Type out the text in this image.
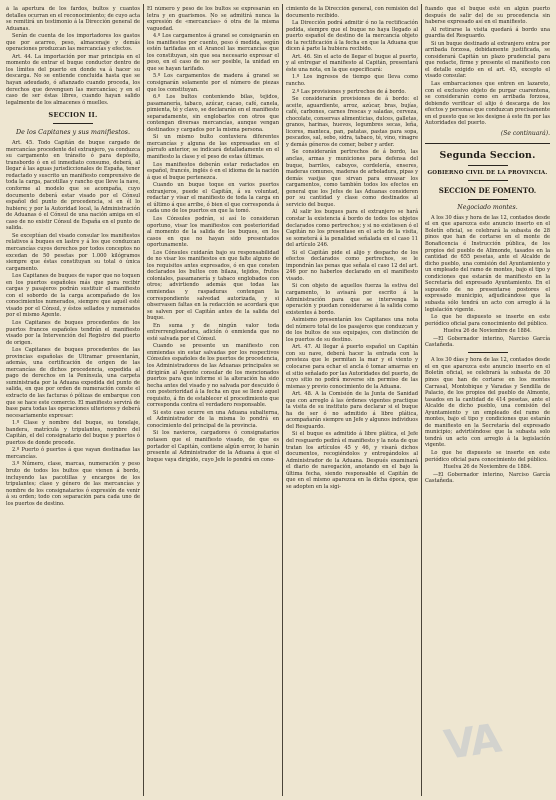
á la apertura de los fardos, bultos y cuantos detalles ocurran en el reconocimiento; de cuyo acta se remitirá un testimonio á la Dirección general de Aduanas.

Serán de cuenta de los importadores los gastos que por acarreo, peso, almacenaje y demás operaciones produzcan las mercancías y efectos.

Art. 44. La importación por mar principia en el momento de entrar el buque conductor dentro de los límites del puerto en donde va á hacer su descarga. No se entiende concluida hasta que se hayan adeudado, ó afianzado cuando proceda, los derechos que devenguen las mercancías; y en el caso de ser éstas libres, cuando hayan salido legalmente de los almacenes ó muelles.

SECCION II.
De los Capitanes y sus manifiestos.

Art. 45. Todo Capitán de buque cargado de mercancías procedente del extranjero, ya conduzca su cargamento en tránsito ó para depósito, transbordo ó en el inmediato consumo, deberá, al llegar á las aguas jurisdiccionales de España, tener redactado y suscrito un manifiesto comprensivo de toda la carga, pacotillas y rancho que lleve la nave, conforme al modelo que se acompaña, cuyo documento deberá estar visado por el Cónsul español del punto de procedencia, si en él lo hubiere; y por la Autoridad local, la Administración de Aduanas ó el Cónsul de una nación amiga en el caso de no existir Cónsul de España en el punto de salida.

Se exceptúan del visado consular los manifiestos relativos á buques en lastre y á los que conduzcan mercancías cuyos derechos por todos conceptos no excedan de 50 pesetas por 1.000 kilógramos siempre que éstas constituyan su total ó única cargamento.

Los Capitanes de buques de vapor que no toquen en los puertos españoles más que para recibir cargas y pasajeros podrán sustituir el manifiesto con el sobordo de la carga acompañado de los conocimientos numerados, siempre que aquél esté visado por el Cónsul, y éstos sellados y numerados por el mismo Agente.

Los Capitanes de buques procedentes de los puertos francos españoles tendrán el manifiesto visado por la Intervención del Registro del puerto de origen.

Los Capitanes de buques procedentes de las provincias españolas de Ultramar presentarán, además, una certificación de origen de las mercancías de dichos procedencia, expedida al pago de derechos en la Península, una carpeta suministrada por la Aduana expedida del punto de salida, en que por orden de numeración conste el extracto de las facturas ó pólizas de embarque con que se hace este comercio. El manifiesto servirá de base para todas las operaciones ulteriores y deberá necesariamente expresar:

1.º Clase y nombre del buque, su tonelaje, bandera, matrícula y tripulantes, nombre del Capitán, el del consignatario del buque y puertos ó puertos de donde procede.

2.º Puerto ó puertos á que vayan destinadas las mercancías.

3.º Número, clase, marcas, numeración y peso bruto de todos los bultos que vienen á bordo, incluyendo las pacotillas y encargos de los tripulantes; clase y género de las mercancías y nombre de los consignatarios ó expresión de venir á su orden; todo con separación para cada uno de los puertos de destino.

El número y peso de los bultos se expresarán en letra y en guarismos. No se admitirá nunca la expresión de «mercancías» ó otra de la misma vaguedad.

4.º Los cargamentos á granel se consignarán en los manifiestos por cuento, peso ó medida, según estén tarifadas en el Arancel las mercancías que los constituyan, sin que sea necesario expresar el peso, en el caso de no ser posible, la unidad en que se hayan tarifado.

5.º Los cargamentos de madera á granel se consignarán solamente por el número de piezas que los constituyan.

6.º Los bultos conteniendo bilas, tejidos, pasamanería, tabaco, azúcar, cacao, café, canela, pimienta, té y clavo, se declararán en el manifiesto separadamente, sin englobarlos con otros que contengan diversas mercancías, aunque vengan destinados y cargados por la misma persona.

Si un mismo bulto contuviera diferentes mercancías y alguna de las expresadas en el párrafo anterior, se indicará detalladamente en el manifiesto la clase y el peso de estas últimas.

Los manifiestos deberán estar redactados en español, francés, inglés ó en el idioma de la nación á que el buque pertenezca.

Cuando un buque toque en varios puertos extranjeros, puede el Capitán, á su voluntad, redactar y visar el manifiesto de toda la carga en el último á que arribe, ó bien el que corresponda á cada uno de los puertos en que la tomó.

Los Cónsules podrán, si así lo consideran oportuno, visar los manifiestos con posterioridad al momento de la salida de los buques, en los casos en que no hayan sido presentados oportunamente.

Los Cónsules cuidarán bajo su responsabilidad de no visar los manifiestos en que falte alguno de los requisitos antes expresados, ó en que consten declarados los bultos con bilaza, tejidos, frutos coloniales, pasamanería y tabaco englobados con otros; advirtiendo además que todas las enmiendas y raspaduras contengan la correspondiente salvedad autorizada, y si observasen faltas en la redacción se acordará que se salven por el Capitán antes de la salida del buque.

En suma y de ningún valor toda entrerrenglonadura, adición ó enmienda que no esté salvada por el Cónsul.

Cuando se presente un manifiesto con enmiendas sin estar salvadas por los respectivos Cónsules españoles de los puertos de procedencia, los Administradores de las Aduanas principales se dirigirán al Agente consular de los mencionados puertos para que informe si la alteración ha sido hecha antes del visado y no salvada por descuido ó con posterioridad á la fecha en que se llenó aquel requisito, á fin de establecer el procedimiento que corresponda contra el verdadero responsable.

Si esto caso ocurre en una Aduana subalterna, el Administrador de la misma lo pondrá en conocimiento del principal de la provincia.

Si los navieros, cargadores ó consignatarios notasen que el manifiesto visado, de que es portador el Capitán, contiene algún error, lo harán presente al Administrador de la Aduana á que el buque vaya dirigido, cuyo Jefe lo pondrá en cono-

cimiento de la Dirección general, con remisión del documento recibido.

La Dirección podrá admitir ó no la rectificación pedida, siempre que el buque no haya llegado al puerto español de destino de la mercancía objeto de la rectificación á la fecha en que la Aduana que dicen á parte la hubiera recibido.

Art. 46. Sin el acto de llegar el buque al puerto, y al entregar el manifiesto al Capitán, presentará éste una nota, en la que especificará:

1.º Los ingresos de tiempo que lleva como rancho.

2.º Las provisiones y pertrechos de á bordo.

Se considerarán provisiones de á bordo: el aceite, aguardiente, arroz, azúcar, bras, bujías, café, carbones, carnes frescas y saladas, cerveza, chocolate, conservas alimenticias, dulces, galletas, granos, harinas, huevos, legumbres secas, leña, licores, manteca, pan, patatas, pastas para sopa, pescados, sal, sebo, sidra, tabaco, té, vino, vinagre y demás géneros de comer, beber y arder.

Se considerarán pertrechos de á bordo, las anclas, armas y municiones para defensa del buque, barriles, cabuyos, cordelería, enseres, maderas comunes, maderas de arboladura, pipas y demás vasijas que sirvan para envasar los cargamentos, como también todos los efectos en general que los Jefes de las Aduanas consideren por su cantidad y clase como destinados al servicio del buque.

Al salir los buques para el extranjero se hará constar la existencia á bordo de todos los objetos declarados como pertrechos; y si no existiesen ó el Capitán no los presentase en el acto de la visita, se someterá á la penalidad señalada en el caso 11 del artículo 246.

Si el Capitán pide el alijo y despacho de los efectos declarados como pertrechos, se le impondrán las penas que señala el caso 12 del art. 246 por no haberlos declarado en el manifiesto visado.

Si con objeto de aquellos fuerza la estiva del cargamento, lo avisará por escrito á la Administración para que se intervenga la operación y puedan considerarse á la salida como existentes á bordo.

Asimismo presentarán los Capitanes una nota del número total de los pasajeros que conduzcan y de los bultos de sus equipajes, con distinción de los puertos de su destino.

Art. 47. Al llegar á puerto español un Capitán con su nave, deberá hacer la entrada con la presteza que le permitan la mar y el viento y colocarse para echar el ancla ó tomar amarras en el sitio señalado por las Autoridades del puerto, de cuyo sitio no podrá moverse sin permiso de las mismas y previo conocimiento de la Aduana.

Art. 48. A la Comisión de la Junta de Sanidad que con arreglo á las órdenes vigentes practique la visita de su instituto para declarar si el buque ha de ser ó no admitido á libre plática, acompañarán siempre un Jefe y algunos individuos del Resguardo.

Si el buque es admitido á libre plática, el Jefe del resguardo pedirá el manifiesto y la nota de que tratan los artículos 45 y 46, y visará dichos documentos, recogiéndolos y entregándolos al Administrador de la Aduana. Después examinará el diario de navegación, anotando en el bajo la última fecha, siendo responsable el Capitán de que en el mismo aparezca en la dicha época, que se adopten en la sigi-

fuando que el buque esté en algún puerto después de salir del de su procedencia sin haberse expresado así en el manifiesto.

Al retirarse la visita quedará á bordo una guardia del Resguardo.

Si un buque destinado al extranjero entra por arribada forzosa, debidamente justificada, se considerará Capitán un plazo prudencial para que redacte, firme y presente el manifiesto con el detalle exigido en el art. 45, excepto el visado consular.

Las embarcaciones que entren en lazareto, con el exclusivo objeto de purgar cuarentena, se considerarán como en arribada forzosa, debiendo verificar el alijo ó descarga de los efectos y personas que conduzcan precisamente en el puesto que se les designe á este fin por las Autoridades del puerto.

(Se continuará).
Segunda Seccion.
GOBIERNO CIVIL DE LA PROVINCIA.
SECCION DE FOMENTO.
Negociado montes.

A los 30 días y hora de las 12, contados desde el en que aparezca este anuncio inserto en el Boletín oficial, se celebrará la subasta de 28 pinos que han de cortarse en el monte de Bonaficencia é Instrucción pública, de los propios del pueblo de Alimonde, tasados en la cantidad de 655 pesetas, ante el Alcalde de dicho pueblo, una comisión del Ayuntamiento y un empleado del ramo de montes, bajo el tipo y condiciones que estarán de manifiesto en la Secretaría del expresado Ayuntamiento. En el supuesto de no presentarse postores el expresado municipio, adjudicándose que la subasta sólo tendrá un acto con arreglo á la legislación vigente.

Lo que he dispuesto se inserte en este periódico oficial para conocimiento del público.

Huelva 26 de Noviembre de 1884.
—El Gobernador interino, Narciso García Castañeda.

A los 30 días y hora de las 12, contados desde el en que aparezca este anuncio inserto en el Boletín oficial, se celebrará la subasta de 30 pinos que han de cortarse en los montes Carrasal, Montobique y Varadas y Sendilla de Palacio, de los propios del pueblo de Almonte, tasados en la cantidad de 414 pesetas, ante el Alcalde de dicho pueblo, una comisión del Ayuntamiento y un empleado del ramo de montes, bajo el tipo y condiciones que estarán de manifiesto en la Secretaría del expresado municipio; advirtiéndose que la subasta solo tendrá un acto con arreglo á la legislación vigente.

Lo que he dispuesto se inserte en este periódico oficial para conocimiento del público.

Huelva 26 de Noviembre de 1884.
—El Gobernador interino, Narciso García Castañeda.
VA
